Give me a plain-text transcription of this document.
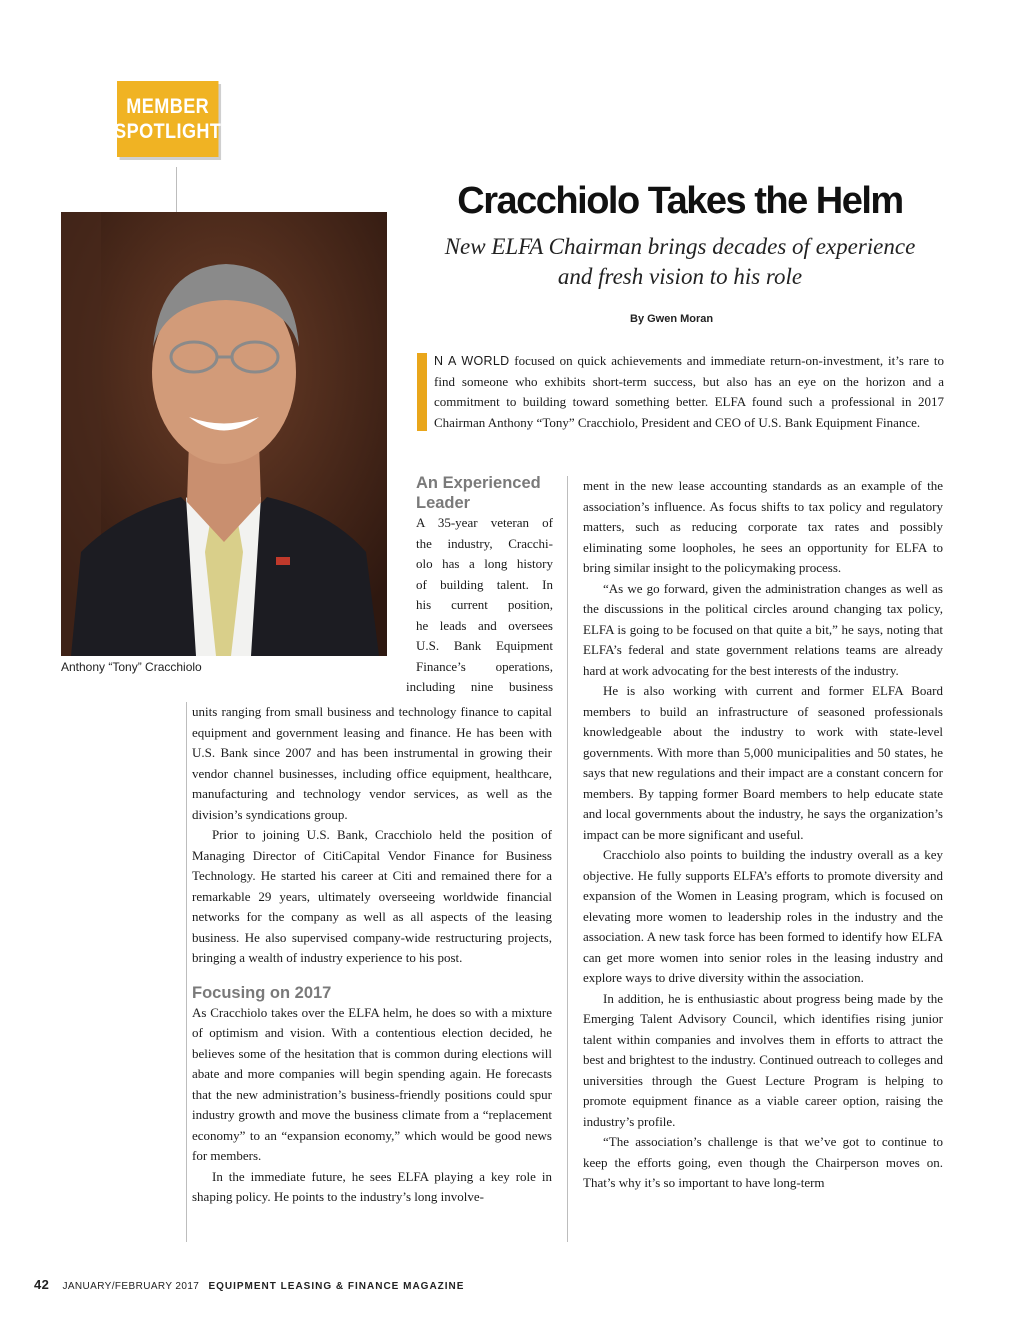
MEMBER
SPOTLIGHT
Anthony “Tony” Cracchiolo
Cracchiolo Takes the Helm
New ELFA Chairman brings decades of experience
and fresh vision to his role
By Gwen Moran
N A WORLD focused on quick achievements and immediate return-on-investment, it’s rare to find someone who exhibits short-term success, but also has an eye on the horizon and a commitment to building toward something better. ELFA found such a professional in 2017 Chairman Anthony “Tony” Cracchiolo, President and CEO of U.S. Bank Equipment Finance.
An Experienced Leader

A 35-year veteran of

the industry, Cracchi-

olo has a long history

of building talent. In

his current position,

he leads and oversees

U.S. Bank Equipment

Finance’s operations,

including nine business

units ranging from small business and technology finance to capital equipment and government leasing and finance. He has been with U.S. Bank since 2007 and has been instrumental in growing their vendor channel businesses, including office equipment, healthcare, manufacturing and technology vendor services, as well as the division’s syndications group.

Prior to joining U.S. Bank, Cracchiolo held the position of Managing Director of CitiCapital Vendor Finance for Business Technology. He started his career at Citi and remained there for a remarkable 29 years, ultimately overseeing worldwide financial networks for the company as well as all aspects of the leasing business. He also supervised company-wide restructuring projects, bringing a wealth of industry experience to his post.

Focusing on 2017

As Cracchiolo takes over the ELFA helm, he does so with a mixture of optimism and vision. With a contentious election decided, he believes some of the hesitation that is common during elections will abate and more companies will begin spending again. He forecasts that the new administration’s business-friendly positions could spur industry growth and move the business climate from a “replacement economy” to an “expansion economy,” which would be good news for members.

In the immediate future, he sees ELFA playing a key role in shaping policy. He points to the industry’s long involve-

ment in the new lease accounting standards as an example of the association’s influence. As focus shifts to tax policy and regulatory matters, such as reducing corporate tax rates and possibly eliminating some loopholes, he sees an opportunity for ELFA to bring similar insight to the policymaking process.

“As we go forward, given the administration changes as well as the discussions in the political circles around changing tax policy, ELFA is going to be focused on that quite a bit,” he says, noting that ELFA’s federal and state government relations teams are already hard at work advocating for the best interests of the industry.

He is also working with current and former ELFA Board members to build an infrastructure of seasoned professionals knowledgeable about the industry to work with state-level governments. With more than 5,000 municipalities and 50 states, he says that new regulations and their impact are a constant concern for members. By tapping former Board members to help educate state and local governments about the industry, he says the organization’s impact can be more significant and useful.

Cracchiolo also points to building the industry overall as a key objective. He fully supports ELFA’s efforts to promote diversity and expansion of the Women in Leasing program, which is focused on elevating more women to leadership roles in the industry and the association. A new task force has been formed to identify how ELFA can get more women into senior roles in the leasing industry and explore ways to drive diversity within the association.

In addition, he is enthusiastic about progress being made by the Emerging Talent Advisory Council, which identifies rising junior talent within companies and involves them in efforts to attract the best and brightest to the industry. Continued outreach to colleges and universities through the Guest Lecture Program is helping to promote equipment finance as a viable career option, raising the industry’s profile.

“The association’s challenge is that we’ve got to continue to keep the efforts going, even though the Chairperson moves on. That’s why it’s so important to have long-term

42 JANUARY/FEBRUARY 2017 EQUIPMENT LEASING & FINANCE MAGAZINE
